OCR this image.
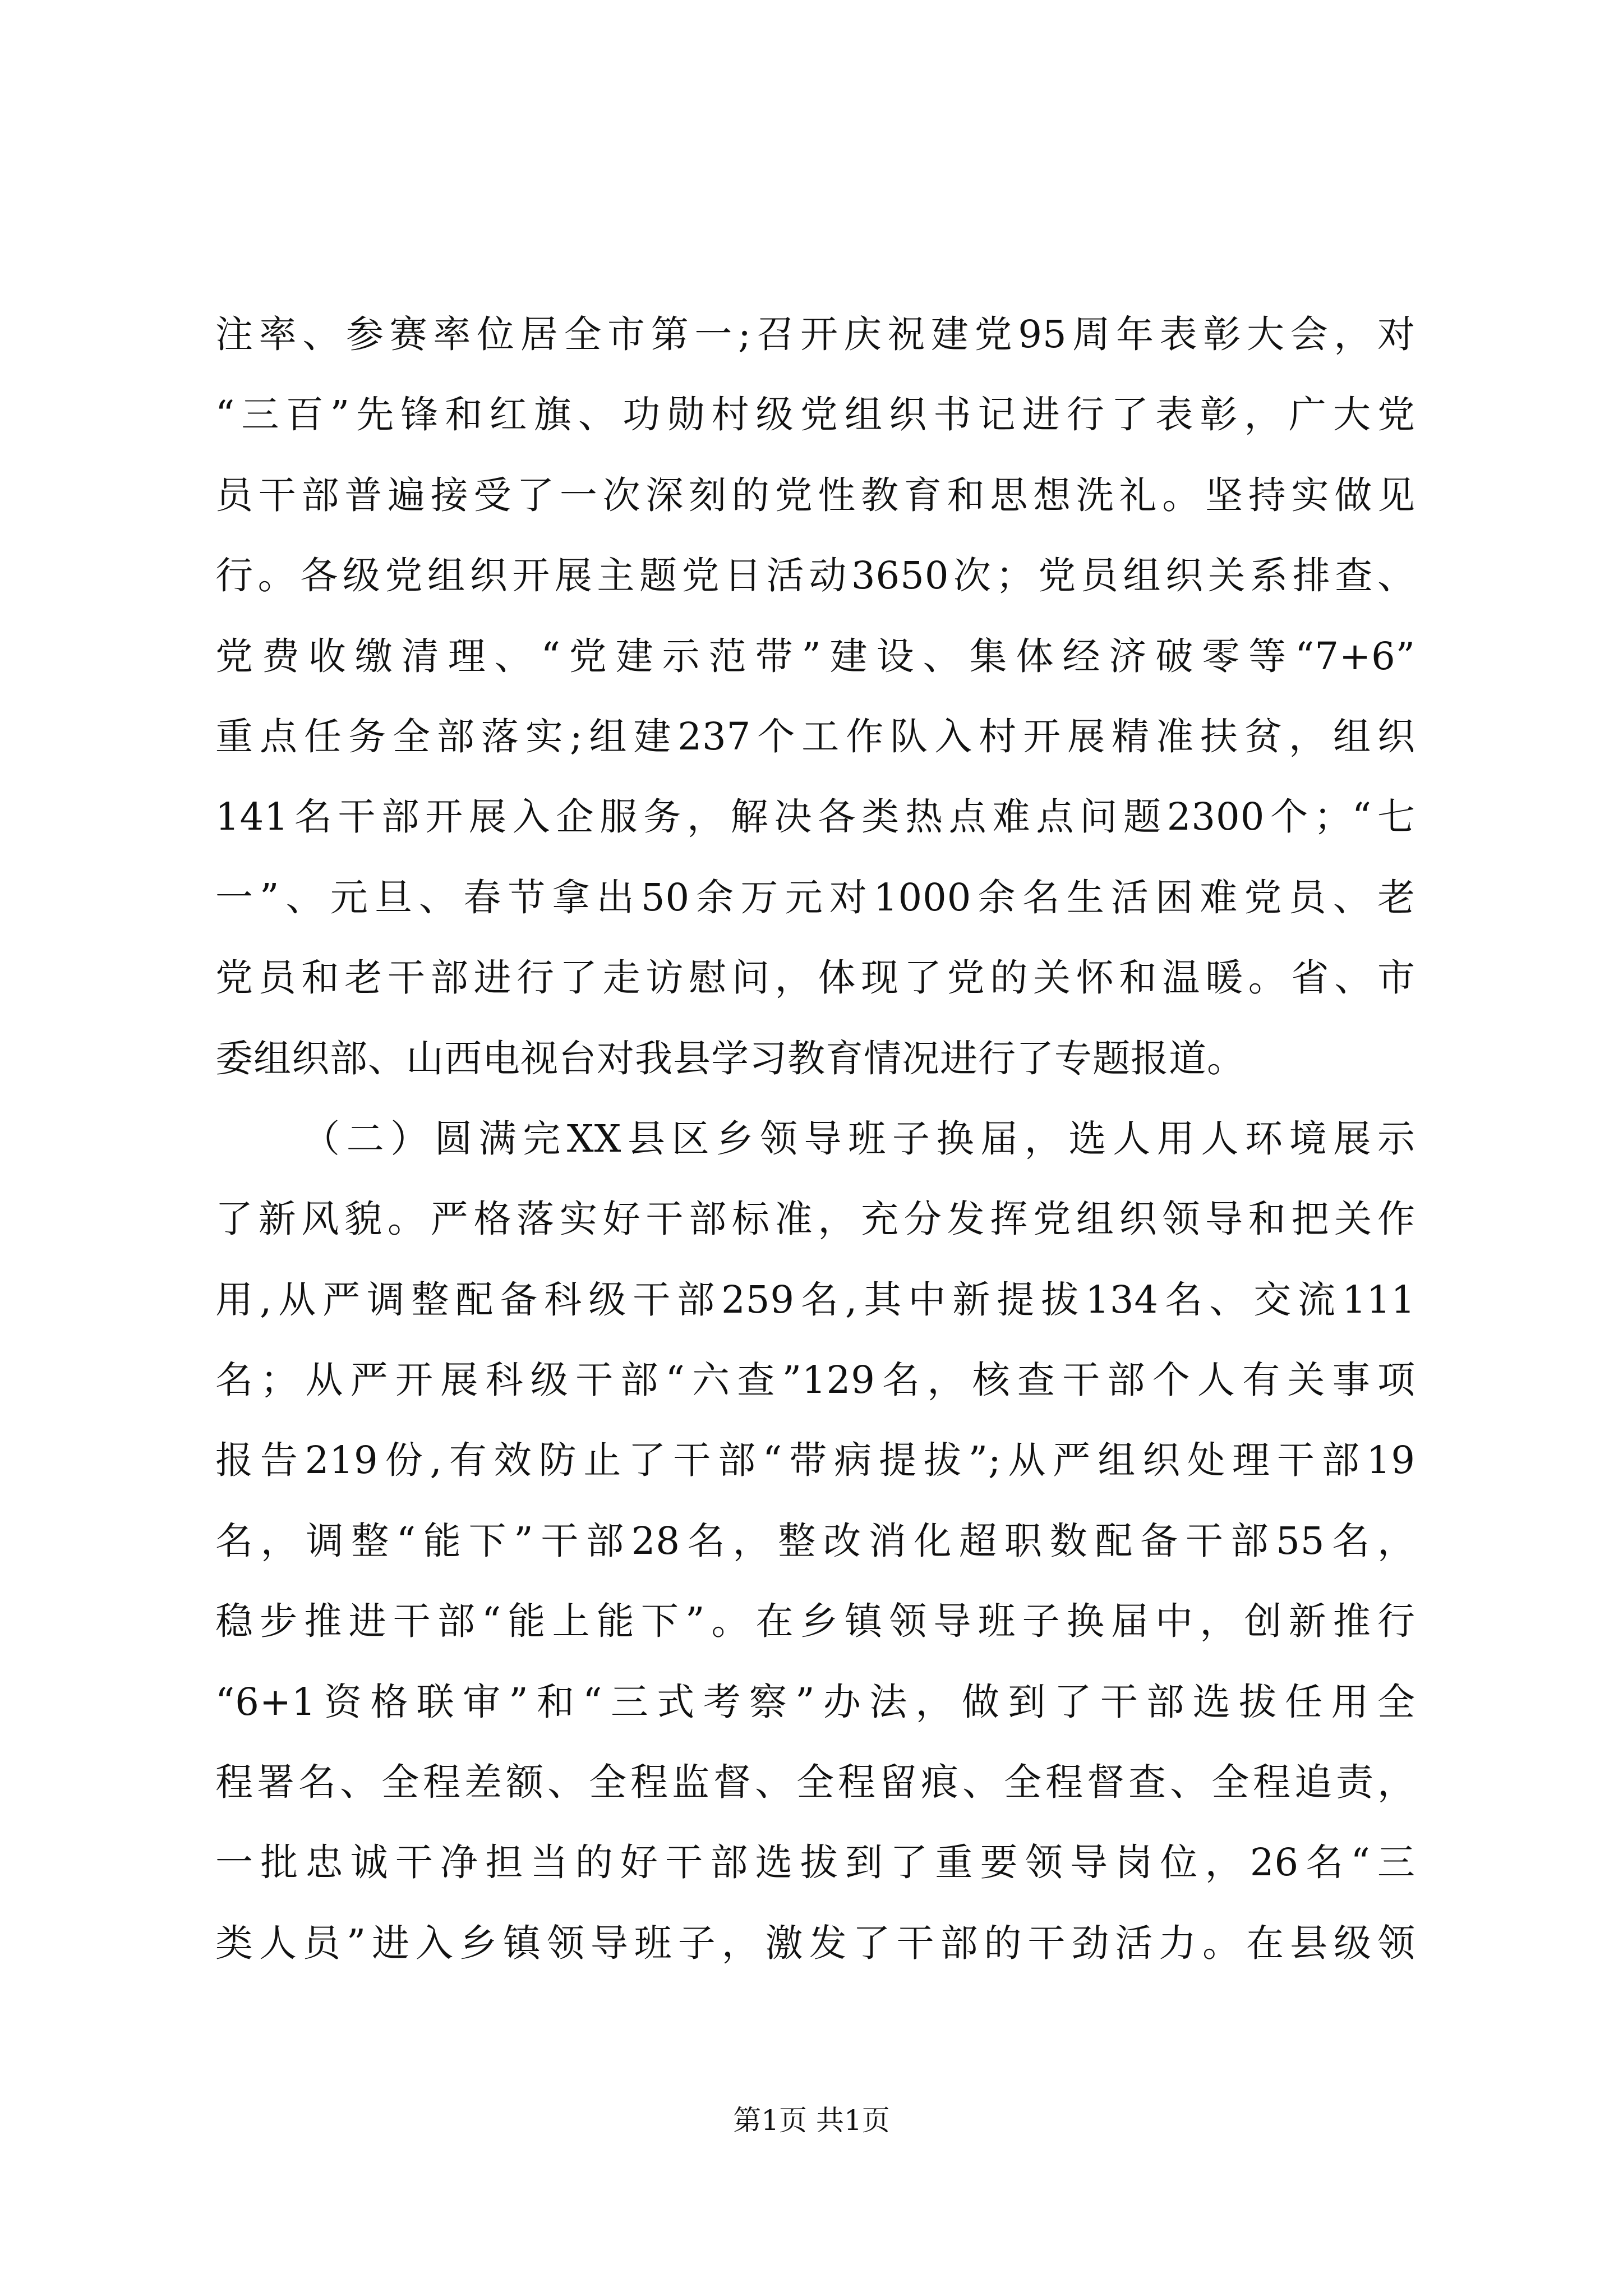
注率、参赛率位居全市第一;召开庆祝建党95周年表彰大会，对
“三百”先锋和红旗、功勋村级党组织书记进行了表彰，广大党
员干部普遍接受了一次深刻的党性教育和思想洗礼。坚持实做见
行。各级党组织开展主题党日活动3650次；党员组织关系排查、
党费收缴清理、“党建示范带”建设、集体经济破零等“7+6”
重点任务全部落实;组建237个工作队入村开展精准扶贫，组织
141名干部开展入企服务，解决各类热点难点问题2300个；“七
一”、元旦、春节拿出50余万元对1000余名生活困难党员、老
党员和老干部进行了走访慰问，体现了党的关怀和温暖。省、市
委组织部、山西电视台对我县学习教育情况进行了专题报道。
（二）圆满完XX县区乡领导班子换届，选人用人环境展示
了新风貌。严格落实好干部标准，充分发挥党组织领导和把关作
用,从严调整配备科级干部259名,其中新提拔134名、交流111
名；从严开展科级干部“六查”129名，核查干部个人有关事项
报告219份,有效防止了干部“带病提拔”;从严组织处理干部19
名，调整“能下”干部28名，整改消化超职数配备干部55名，
稳步推进干部“能上能下”。在乡镇领导班子换届中，创新推行
“6+1资格联审”和“三式考察”办法，做到了干部选拔任用全
程署名、全程差额、全程监督、全程留痕、全程督查、全程追责，
一批忠诚干净担当的好干部选拔到了重要领导岗位，26名“三
类人员”进入乡镇领导班子，激发了干部的干劲活力。在县级领
第1页 共1页
